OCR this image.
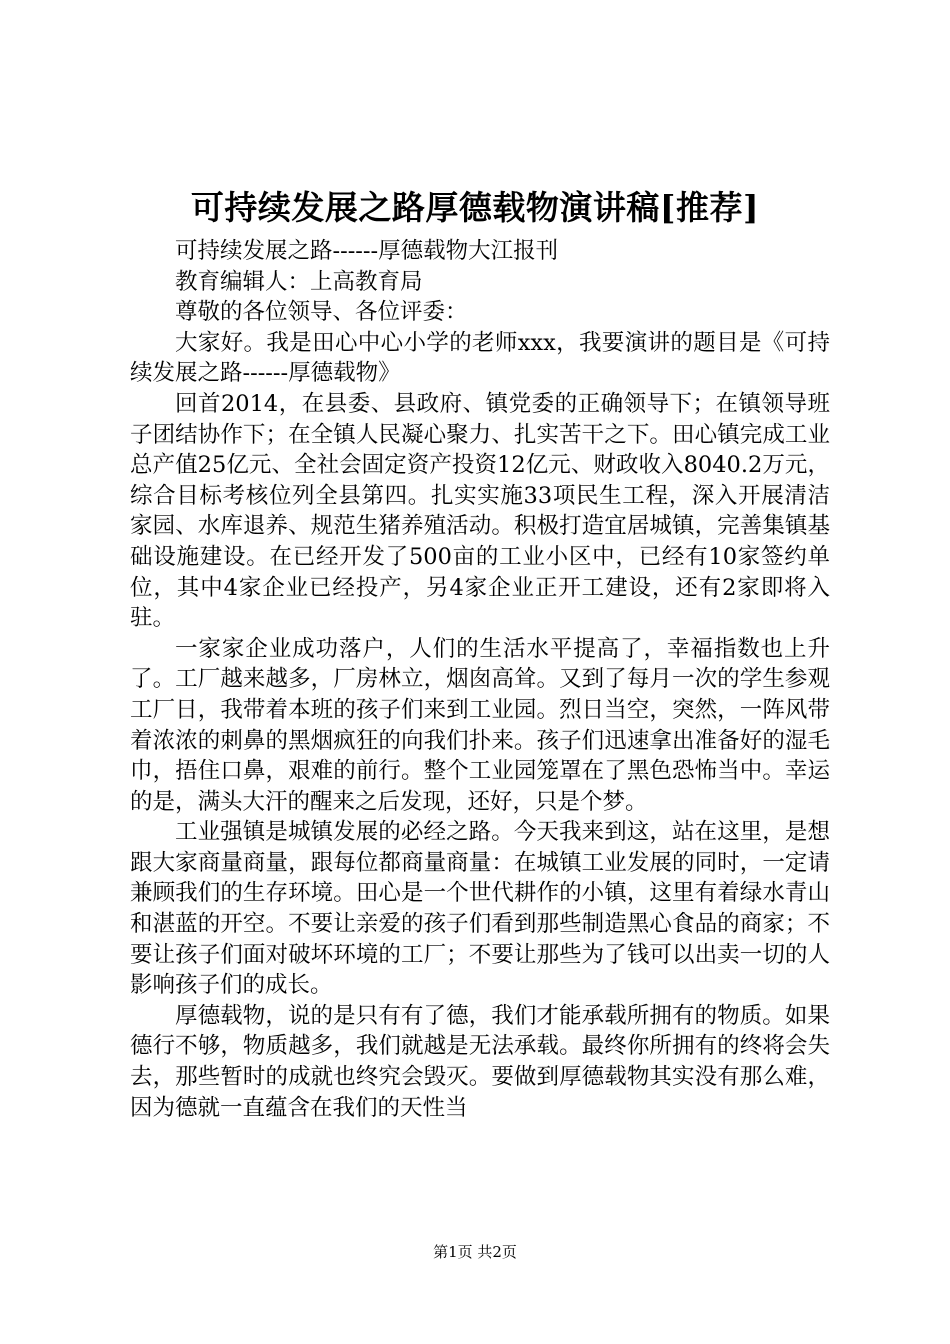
可持续发展之路厚德载物演讲稿[推荐]

可持续发展之路------厚德载物大江报刊

教育编辑人：上高教育局

尊敬的各位领导、各位评委：

大家好。我是田心中心小学的老师xxx，我要演讲的题目是《可持续发展之路------厚德载物》

回首2014，在县委、县政府、镇党委的正确领导下；在镇领导班子团结协作下；在全镇人民凝心聚力、扎实苦干之下。田心镇完成工业总产值25亿元、全社会固定资产投资12亿元、财政收入8040.2万元，综合目标考核位列全县第四。扎实实施33项民生工程，深入开展清洁家园、水库退养、规范生猪养殖活动。积极打造宜居城镇，完善集镇基础设施建设。在已经开发了500亩的工业小区中，已经有10家签约单位，其中4家企业已经投产，另4家企业正开工建设，还有2家即将入驻。

一家家企业成功落户，人们的生活水平提高了，幸福指数也上升了。工厂越来越多，厂房林立，烟囱高耸。又到了每月一次的学生参观工厂日，我带着本班的孩子们来到工业园。烈日当空，突然，一阵风带着浓浓的刺鼻的黑烟疯狂的向我们扑来。孩子们迅速拿出准备好的湿毛巾，捂住口鼻，艰难的前行。整个工业园笼罩在了黑色恐怖当中。幸运的是，满头大汗的醒来之后发现，还好，只是个梦。

工业强镇是城镇发展的必经之路。今天我来到这，站在这里，是想跟大家商量商量，跟每位都商量商量：在城镇工业发展的同时，一定请兼顾我们的生存环境。田心是一个世代耕作的小镇，这里有着绿水青山和湛蓝的开空。不要让亲爱的孩子们看到那些制造黑心食品的商家；不要让孩子们面对破坏环境的工厂；不要让那些为了钱可以出卖一切的人影响孩子们的成长。

厚德载物，说的是只有有了德，我们才能承载所拥有的物质。如果德行不够，物质越多，我们就越是无法承载。最终你所拥有的终将会失去，那些暂时的成就也终究会毁灭。要做到厚德载物其实没有那么难，因为德就一直蕴含在我们的天性当

第1页 共2页
